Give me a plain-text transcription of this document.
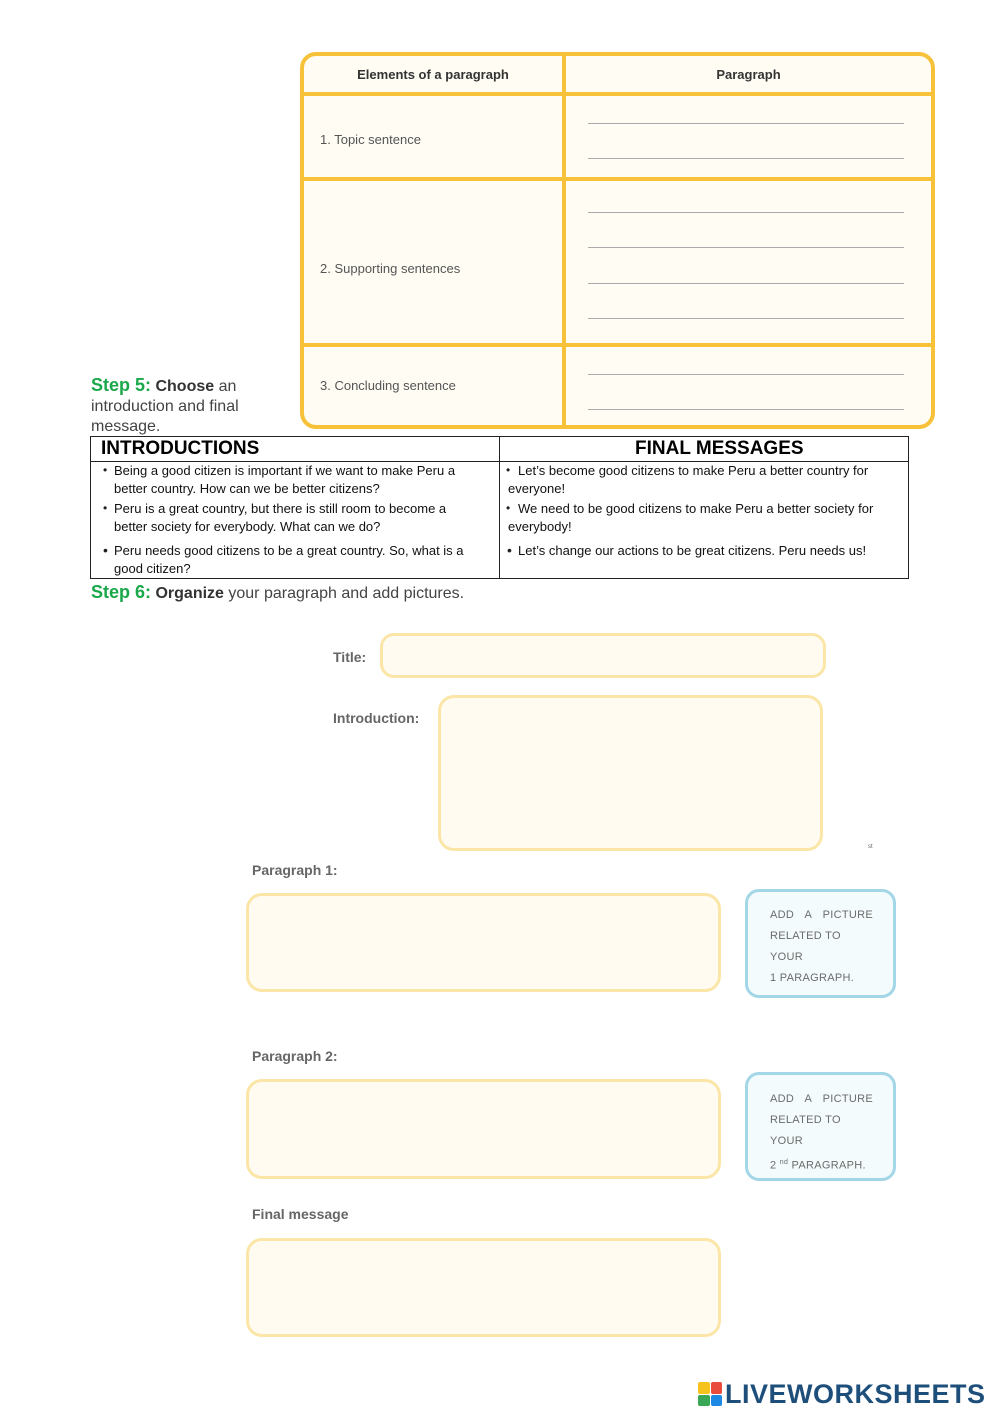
Elements of a paragraph	Paragraph
1. Topic sentence
2. Supporting sentences
3. Concluding sentence
Step 5: Choose an
introduction and final
message.
INTRODUCTIONS	FINAL MESSAGES
• Being a good citizen is important if we want to make Peru a
better country. How can we be better citizens?
• Peru is a great country, but there is still room to become a
better society for everybody. What can we do?
• Peru needs good citizens to be a great country. So, what is a
good citizen?
• Let’s become good citizens to make Peru a better country for
everyone!
• We need to be good citizens to make Peru a better society for
everybody!
• Let’s change our actions to be great citizens. Peru needs us!
Step 6: Organize your paragraph and add pictures.
Title:
Introduction:
st
Paragraph 1:
ADD A PICTURE
RELATED TO YOUR
1 PARAGRAPH.
Paragraph 2:
ADD A PICTURE
RELATED TO YOUR
2 $^{nd}$ PARAGRAPH.
Final message
LIVEWORKSHEETS
